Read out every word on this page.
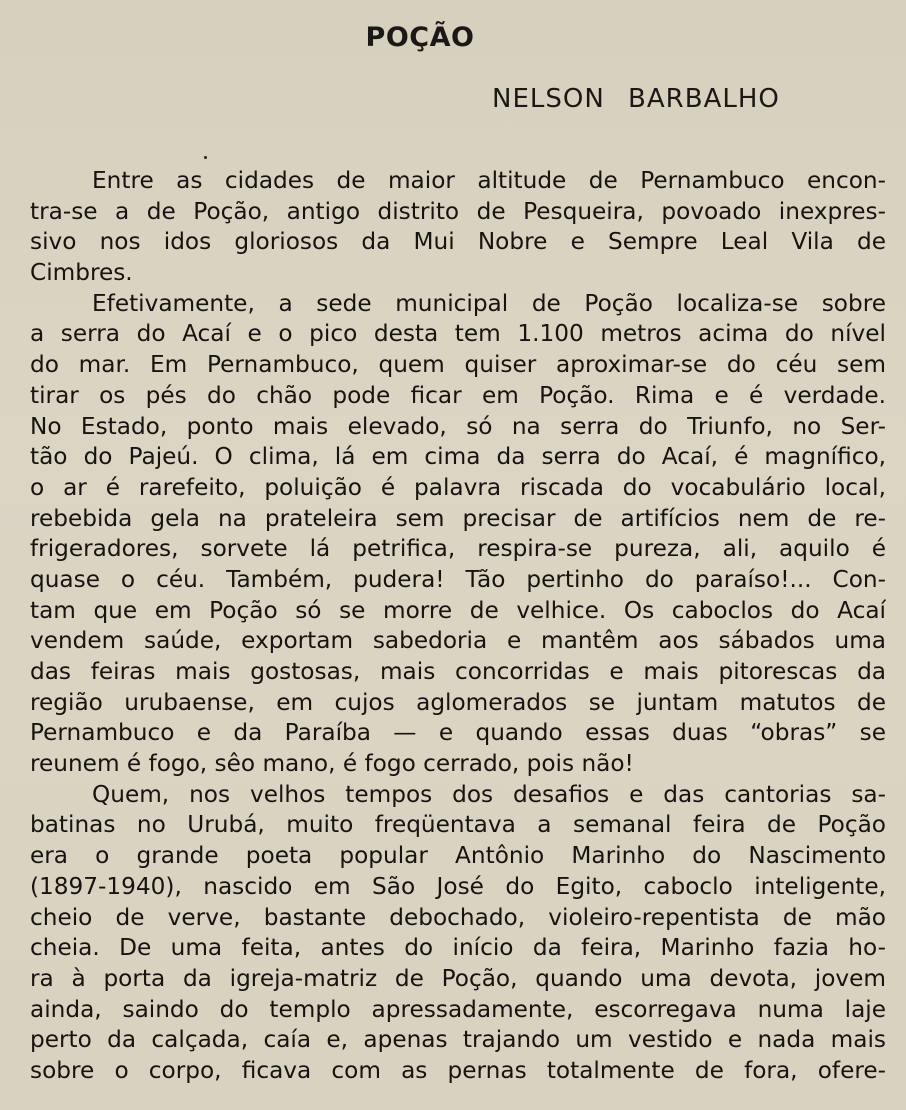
POÇÃO
NELSON BARBALHO
Entre as cidades de maior altitude de Pernambuco encon-
tra-se a de Poção, antigo distrito de Pesqueira, povoado inexpres-
sivo nos idos gloriosos da Mui Nobre e Sempre Leal Vila de
Cimbres.
Efetivamente, a sede municipal de Poção localiza-se sobre
a serra do Acaí e o pico desta tem 1.100 metros acima do nível
do mar. Em Pernambuco, quem quiser aproximar-se do céu sem
tirar os pés do chão pode ficar em Poção. Rima e é verdade.
No Estado, ponto mais elevado, só na serra do Triunfo, no Ser-
tão do Pajeú. O clima, lá em cima da serra do Acaí, é magnífico,
o ar é rarefeito, poluição é palavra riscada do vocabulário local,
rebebida gela na prateleira sem precisar de artifícios nem de re-
frigeradores, sorvete lá petrifica, respira-se pureza, ali, aquilo é
quase o céu. Também, pudera! Tão pertinho do paraíso!... Con-
tam que em Poção só se morre de velhice. Os caboclos do Acaí
vendem saúde, exportam sabedoria e mantêm aos sábados uma
das feiras mais gostosas, mais concorridas e mais pitorescas da
região urubaense, em cujos aglomerados se juntam matutos de
Pernambuco e da Paraíba — e quando essas duas “obras” se
reunem é fogo, sêo mano, é fogo cerrado, pois não!
Quem, nos velhos tempos dos desafios e das cantorias sa-
batinas no Urubá, muito freqüentava a semanal feira de Poção
era o grande poeta popular Antônio Marinho do Nascimento
(1897-1940), nascido em São José do Egito, caboclo inteligente,
cheio de verve, bastante debochado, violeiro-repentista de mão
cheia. De uma feita, antes do início da feira, Marinho fazia ho-
ra à porta da igreja-matriz de Poção, quando uma devota, jovem
ainda, saindo do templo apressadamente, escorregava numa laje
perto da calçada, caía e, apenas trajando um vestido e nada mais
sobre o corpo, ficava com as pernas totalmente de fora, ofere-
